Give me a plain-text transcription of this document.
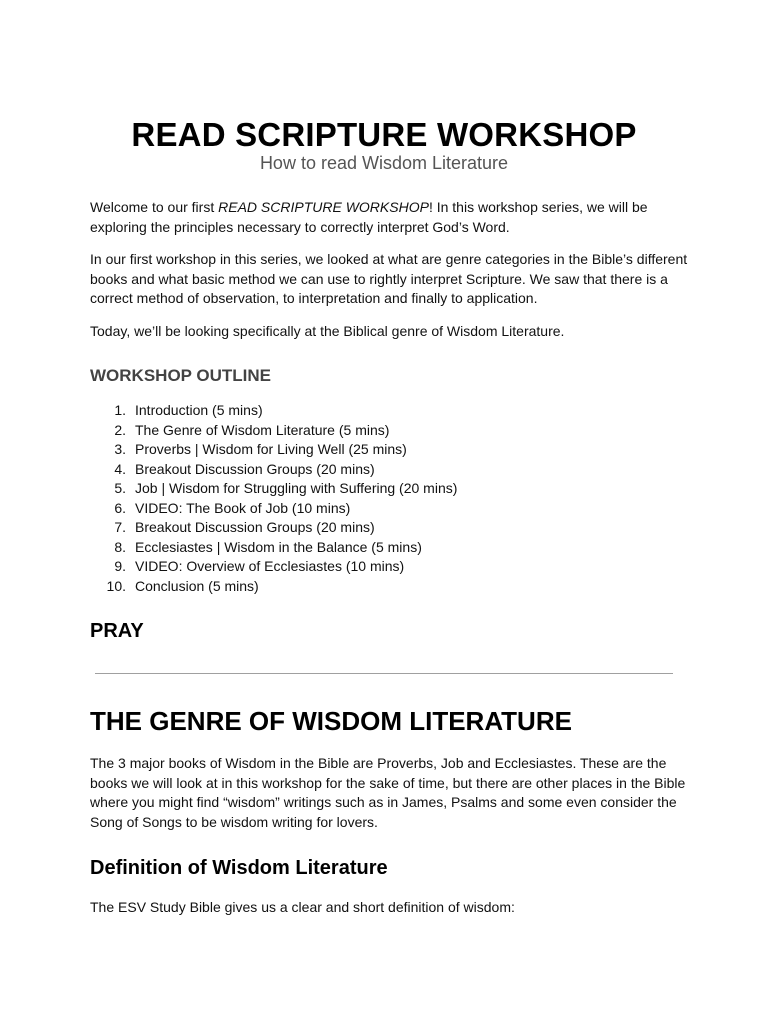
READ SCRIPTURE WORKSHOP
How to read Wisdom Literature

Welcome to our first READ SCRIPTURE WORKSHOP! In this workshop series, we will be exploring the principles necessary to correctly interpret God’s Word.

In our first workshop in this series, we looked at what are genre categories in the Bible’s different books and what basic method we can use to rightly interpret Scripture. We saw that there is a correct method of observation, to interpretation and finally to application.

Today, we’ll be looking specifically at the Biblical genre of Wisdom Literature.

WORKSHOP OUTLINE
1. Introduction (5 mins)
2. The Genre of Wisdom Literature (5 mins)
3. Proverbs | Wisdom for Living Well (25 mins)
4. Breakout Discussion Groups (20 mins)
5. Job | Wisdom for Struggling with Suffering (20 mins)
6. VIDEO: The Book of Job (10 mins)
7. Breakout Discussion Groups (20 mins)
8. Ecclesiastes | Wisdom in the Balance (5 mins)
9. VIDEO: Overview of Ecclesiastes (10 mins)
10. Conclusion (5 mins)
PRAY
THE GENRE OF WISDOM LITERATURE

The 3 major books of Wisdom in the Bible are Proverbs, Job and Ecclesiastes. These are the books we will look at in this workshop for the sake of time, but there are other places in the Bible where you might find “wisdom” writings such as in James, Psalms and some even consider the Song of Songs to be wisdom writing for lovers.

Definition of Wisdom Literature

The ESV Study Bible gives us a clear and short definition of wisdom:
